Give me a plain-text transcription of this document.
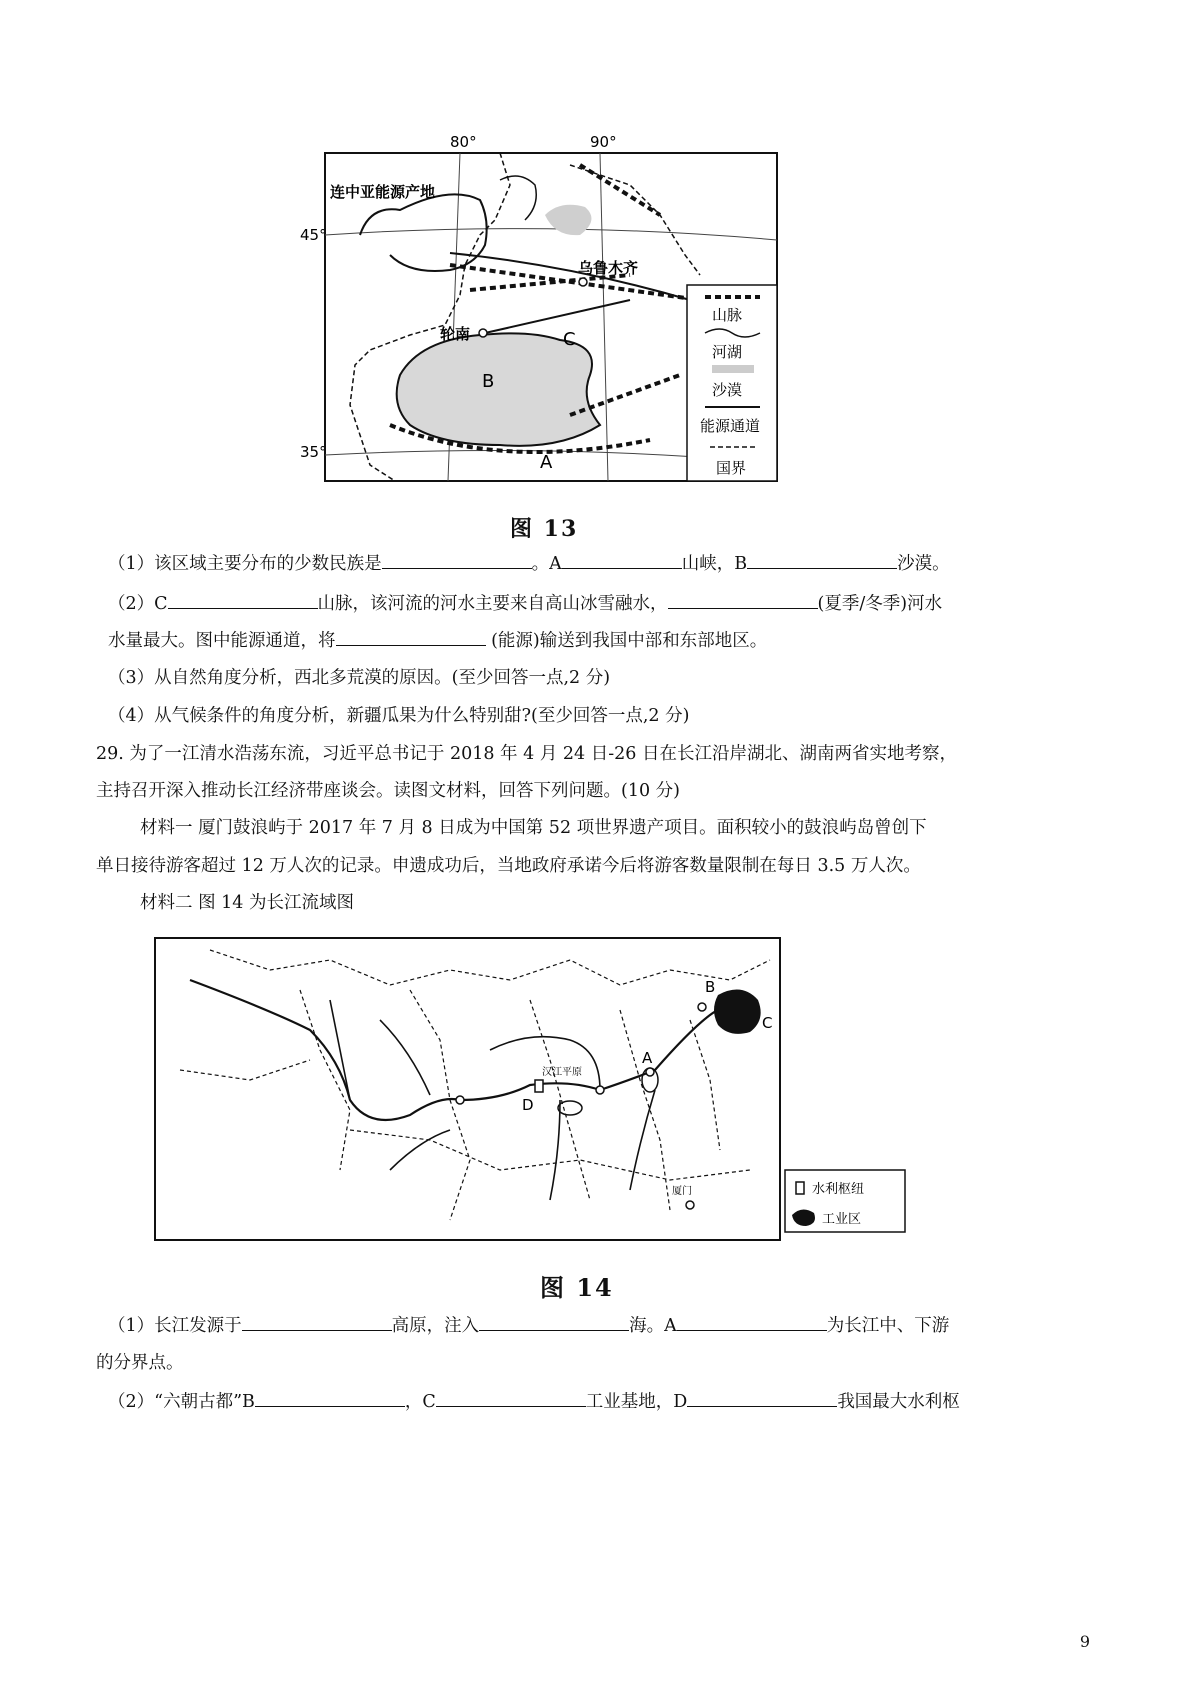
80°	90°
45°
35°
连中亚能源产地
乌鲁木齐
轮南
B
C
A
山脉
河湖
沙漠
能源通道
国界
图 13
（1）该区域主要分布的少数民族是	。A	山峡，B	沙漠。
（2）C	山脉，该河流的河水主要来自高山冰雪融水，	(夏季/冬季)河水
水量最大。图中能源通道，将	(能源)输送到我国中部和东部地区。
（3）从自然角度分析，西北多荒漠的原因。(至少回答一点,2 分)
（4）从气候条件的角度分析，新疆瓜果为什么特别甜?(至少回答一点,2 分)
29. 为了一江清水浩荡东流，习近平总书记于 2018 年 4 月 24 日-26 日在长江沿岸湖北、湖南两省实地考察，
主持召开深入推动长江经济带座谈会。读图文材料，回答下列问题。(10 分)
材料一 厦门鼓浪屿于 2017 年 7 月 8 日成为中国第 52 项世界遗产项目。面积较小的鼓浪屿岛曾创下
单日接待游客超过 12 万人次的记录。申遗成功后，当地政府承诺今后将游客数量限制在每日 3.5 万人次。
材料二 图 14 为长江流域图
B
C
A
D
汉江平原
厦门	水利枢纽
工业区
图 14
（1）长江发源于	高原，注入	海。A	为长江中、下游
的分界点。
（2）“六朝古都”B	，C	工业基地，D	我国最大水利枢
9
